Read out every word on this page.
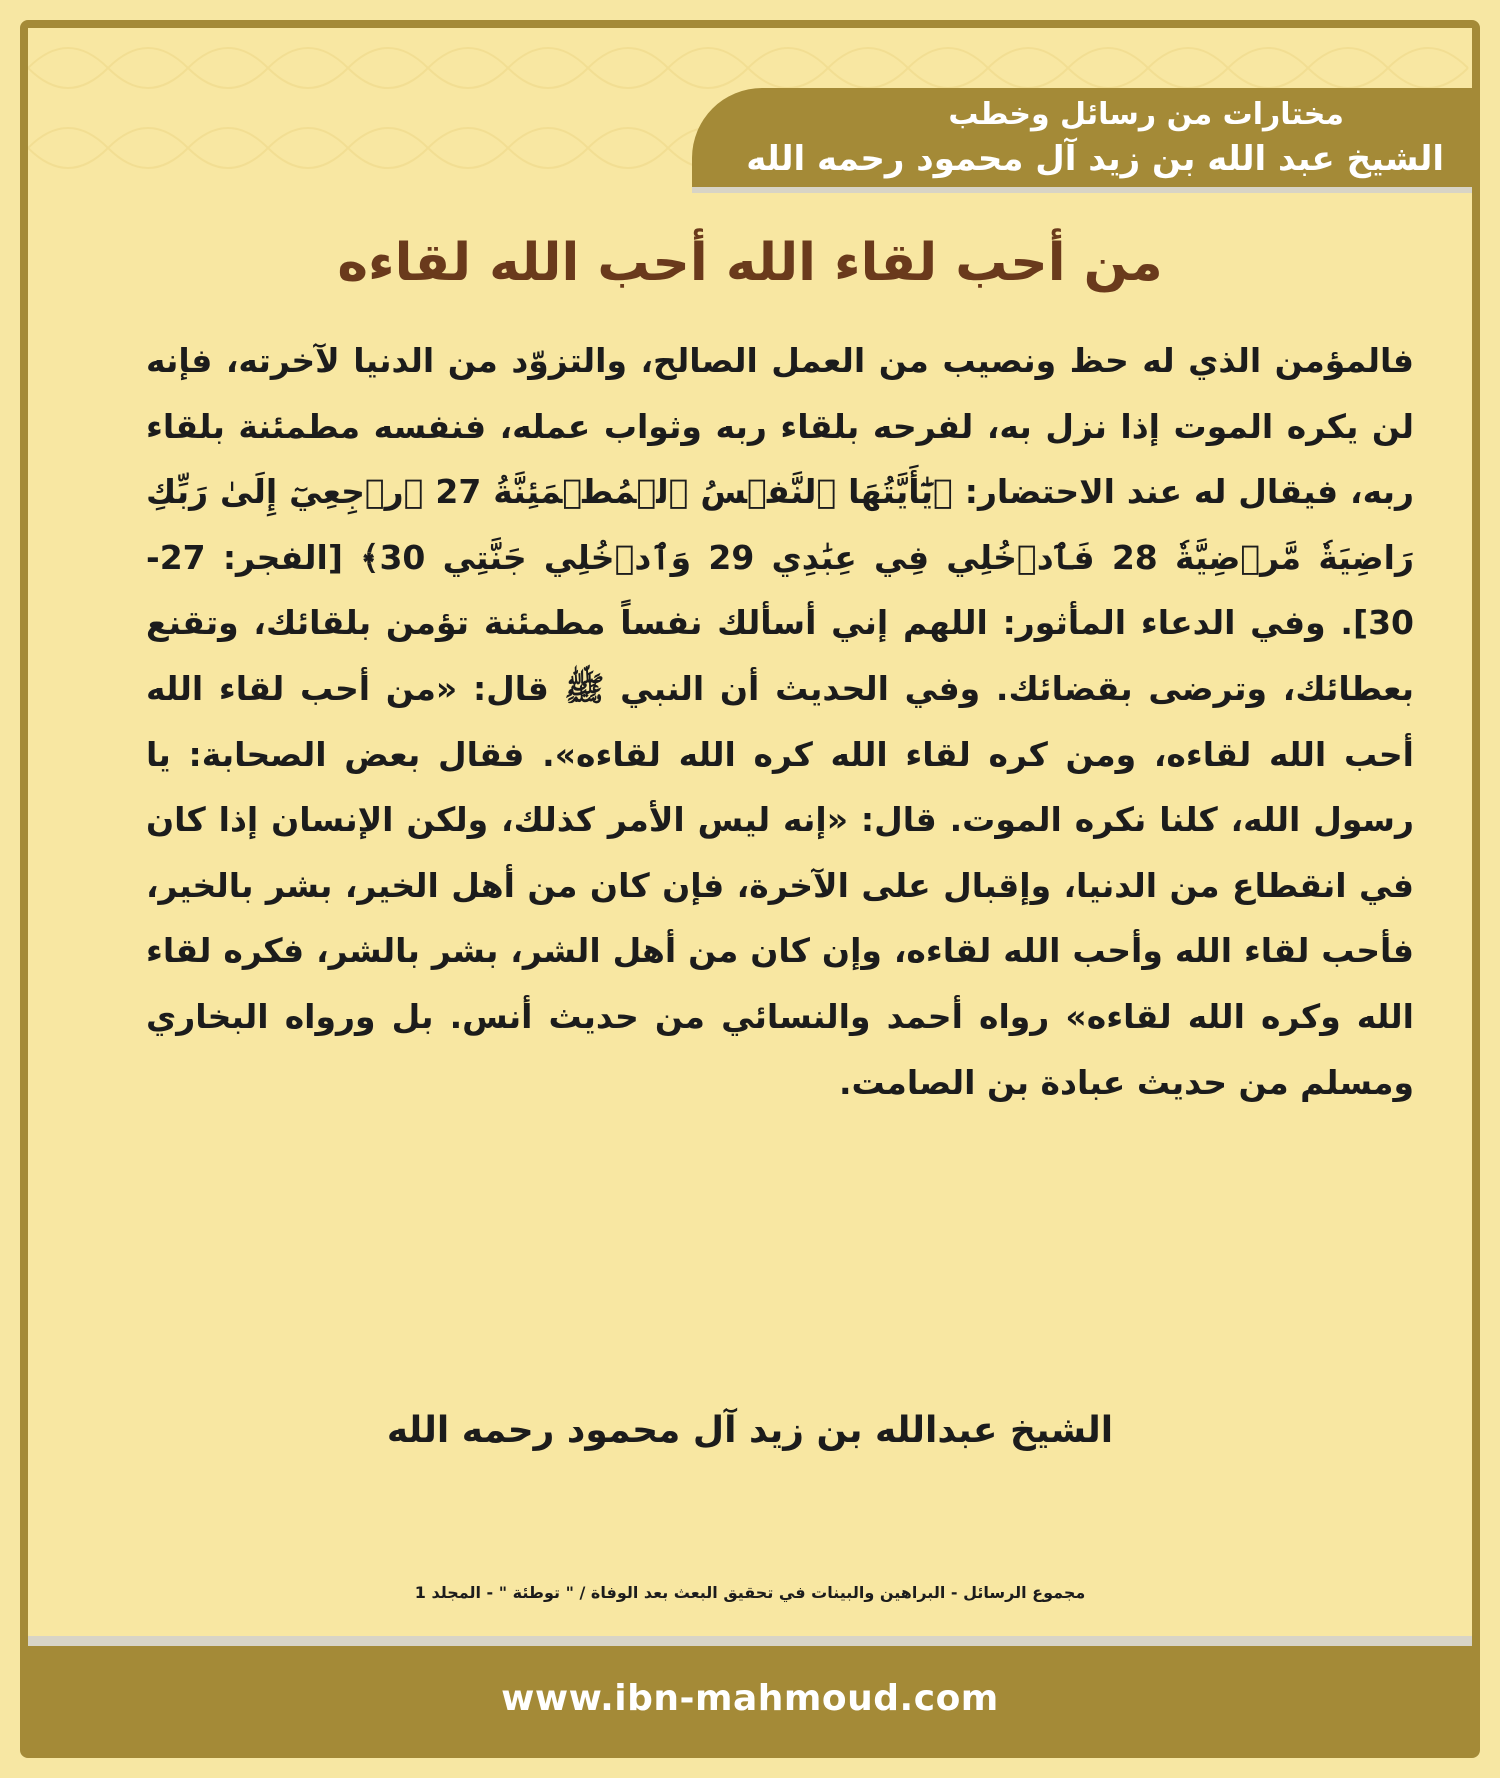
مختارات من رسائل وخطب
الشيخ عبد الله بن زيد آل محمود رحمه الله
من أحب لقاء الله أحب الله لقاءه
فالمؤمن الذي له حظ ونصيب من العمل الصالح، والتزوّد من الدنيا لآخرته، فإنه لن يكره الموت إذا نزل به، لفرحه بلقاء ربه وثواب عمله، فنفسه مطمئنة بلقاء ربه، فيقال له عند الاحتضار: ﴿يَٰٓأَيَّتُهَا ٱلنَّفۡسُ ٱلۡمُطۡمَئِنَّةُ 27 ٱرۡجِعِيٓ إِلَىٰ رَبِّكِ رَاضِيَةٗ مَّرۡضِيَّةٗ 28 فَٱدۡخُلِي فِي عِبَٰدِي 29 وَٱدۡخُلِي جَنَّتِي 30﴾ [الفجر: 27-30]. وفي الدعاء المأثور: اللهم إني أسألك نفساً مطمئنة تؤمن بلقائك، وتقنع بعطائك، وترضى بقضائك. وفي الحديث أن النبي ﷺ قال: «من أحب لقاء الله أحب الله لقاءه، ومن كره لقاء الله كره الله لقاءه». فقال بعض الصحابة: يا رسول الله، كلنا نكره الموت. قال: «إنه ليس الأمر كذلك، ولكن الإنسان إذا كان في انقطاع من الدنيا، وإقبال على الآخرة، فإن كان من أهل الخير، بشر بالخير، فأحب لقاء الله وأحب الله لقاءه، وإن كان من أهل الشر، بشر بالشر، فكره لقاء الله وكره الله لقاءه» رواه أحمد والنسائي من حديث أنس. بل ورواه البخاري ومسلم من حديث عبادة بن الصامت.
الشيخ عبدالله بن زيد آل محمود رحمه الله
مجموع الرسائل - البراهين والبينات في تحقيق البعث بعد الوفاة / " توطئة " - المجلد 1
www.ibn-mahmoud.com
